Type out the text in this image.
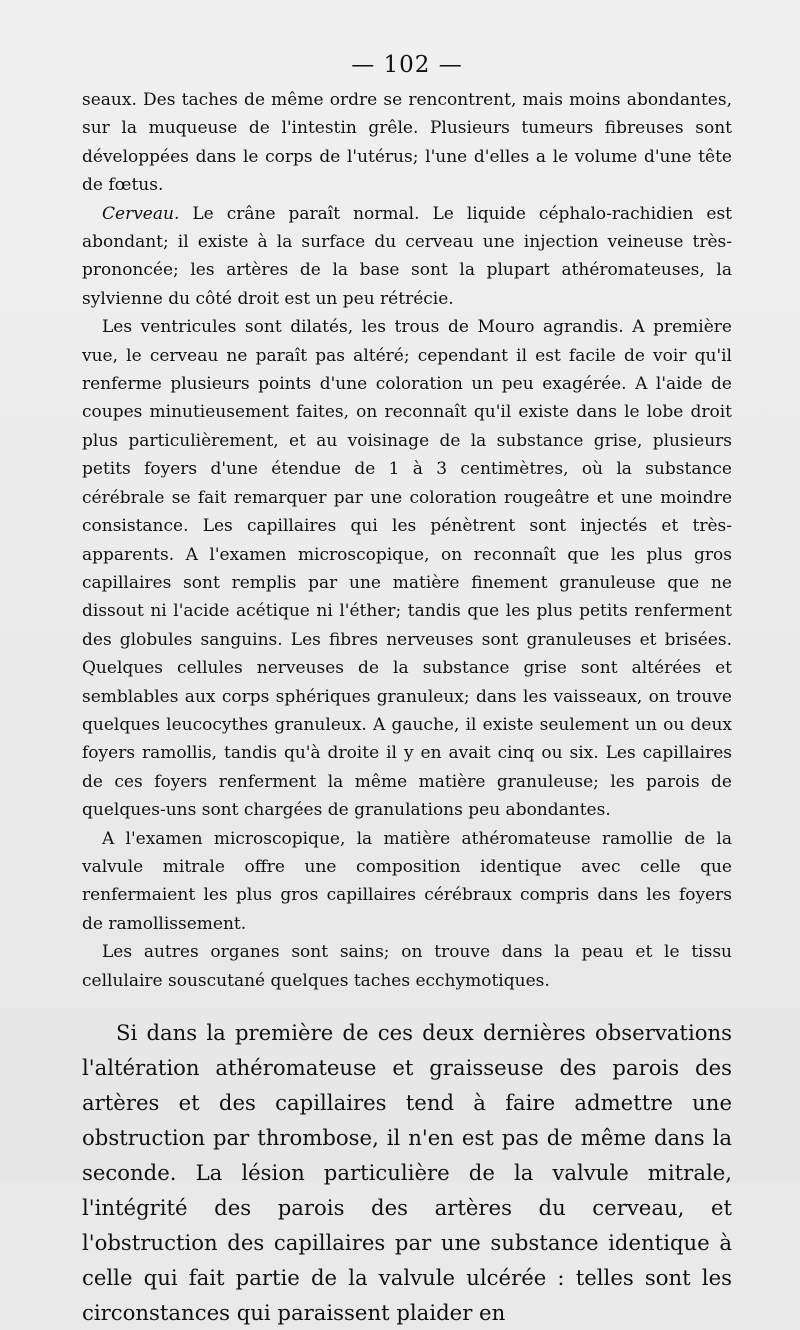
— 102 —

seaux. Des taches de même ordre se rencontrent, mais moins abondantes, sur la muqueuse de l'intestin grêle. Plusieurs tumeurs fibreuses sont développées dans le corps de l'utérus; l'une d'elles a le volume d'une tête de fœtus.

Cerveau. Le crâne paraît normal. Le liquide céphalo-rachidien est abondant; il existe à la surface du cerveau une injection veineuse très-prononcée; les artères de la base sont la plupart athéromateuses, la sylvienne du côté droit est un peu rétrécie.

Les ventricules sont dilatés, les trous de Mouro agrandis. A première vue, le cerveau ne paraît pas altéré; cependant il est facile de voir qu'il renferme plusieurs points d'une coloration un peu exagérée. A l'aide de coupes minutieusement faites, on reconnaît qu'il existe dans le lobe droit plus particulièrement, et au voisinage de la substance grise, plusieurs petits foyers d'une étendue de 1 à 3 centimètres, où la substance cérébrale se fait remarquer par une coloration rougeâtre et une moindre consistance. Les capillaires qui les pénètrent sont injectés et très-apparents. A l'examen microscopique, on reconnaît que les plus gros capillaires sont remplis par une matière finement granuleuse que ne dissout ni l'acide acétique ni l'éther; tandis que les plus petits renferment des globules sanguins. Les fibres nerveuses sont granuleuses et brisées. Quelques cellules nerveuses de la substance grise sont altérées et semblables aux corps sphériques granuleux; dans les vaisseaux, on trouve quelques leucocythes granuleux. A gauche, il existe seulement un ou deux foyers ramollis, tandis qu'à droite il y en avait cinq ou six. Les capillaires de ces foyers renferment la même matière granuleuse; les parois de quelques-uns sont chargées de granulations peu abondantes.

A l'examen microscopique, la matière athéromateuse ramollie de la valvule mitrale offre une composition identique avec celle que renfermaient les plus gros capillaires cérébraux compris dans les foyers de ramollissement.

Les autres organes sont sains; on trouve dans la peau et le tissu cellulaire souscutané quelques taches ecchymotiques.

Si dans la première de ces deux dernières observations l'altération athéromateuse et graisseuse des parois des artères et des capillaires tend à faire admettre une obstruction par thrombose, il n'en est pas de même dans la seconde. La lésion particulière de la valvule mitrale, l'intégrité des parois des artères du cerveau, et l'obstruction des capillaires par une substance identique à celle qui fait partie de la valvule ulcérée : telles sont les circonstances qui paraissent plaider en
